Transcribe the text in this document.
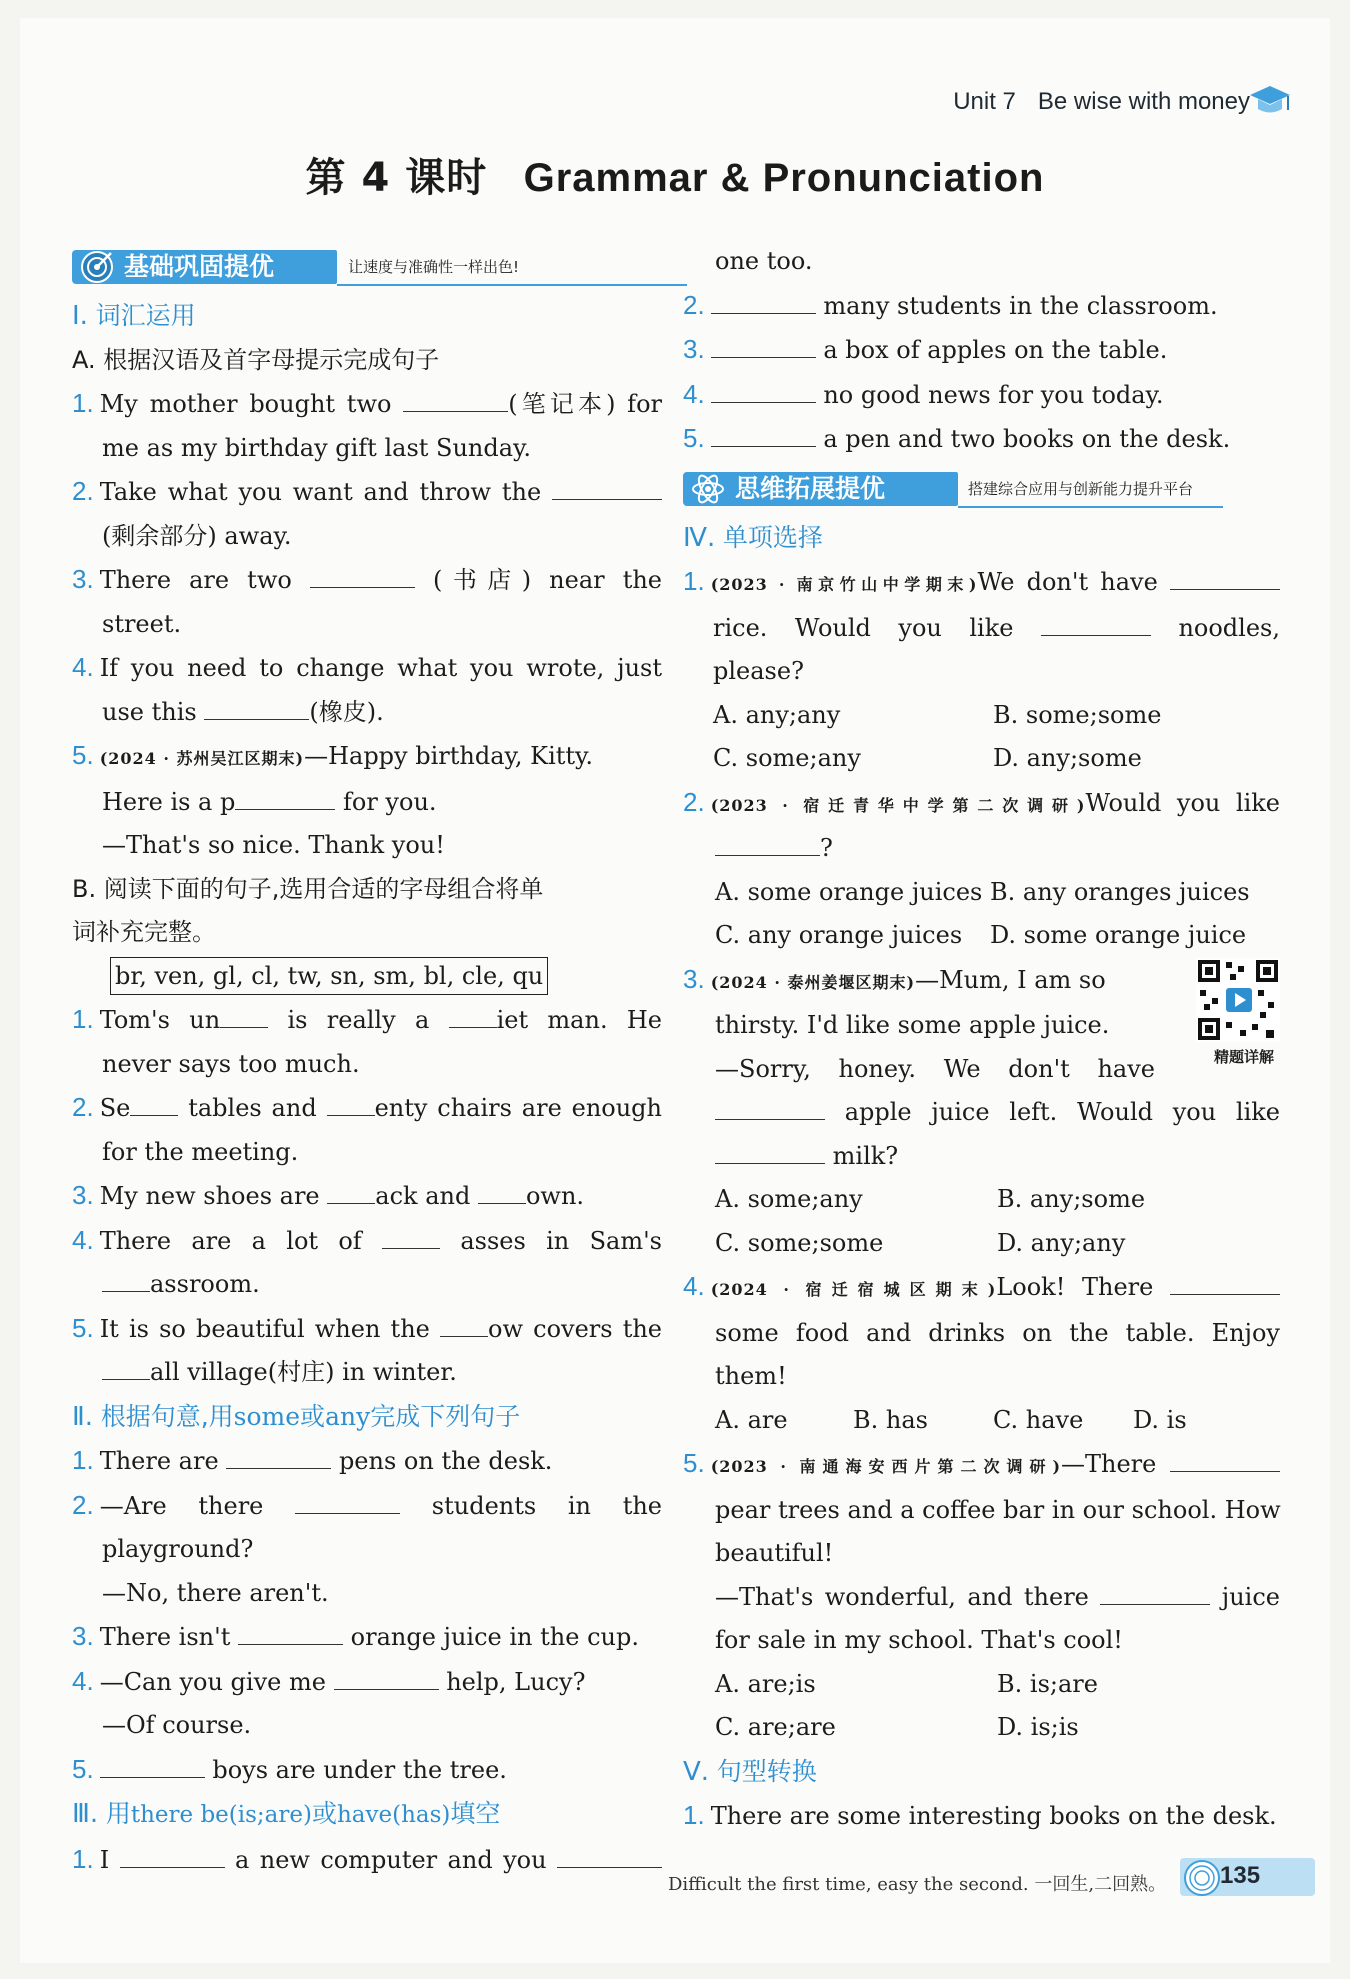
Unit 7 Be wise with money
第 4 课时 Grammar & Pronunciation
基础巩固提优	让速度与准确性一样出色!
Ⅰ. 词汇运用
A. 根据汉语及首字母提示完成句子
1. My mother bought two	(笔记本) for
me as my birthday gift last Sunday.
2. Take what you want and throw the
(剩余部分) away.
3. There are two	(书店) near the
street.
4. If you need to change what you wrote, just
use this	(橡皮).
5. (2024 · 苏州吴江区期末)—Happy birthday, Kitty.
Here is a p	for you.
—That's so nice. Thank you!
B. 阅读下面的句子,选用合适的字母组合将单
词补充完整。
br, ven, gl, cl, tw, sn, sm, bl, cle, qu
1. Tom's un	is really a	iet man. He
never says too much.
2. Se tables and enty chairs are enough
for the meeting.
3. My new shoes are ack and own.
4. There are a lot of	asses in Sam's
assroom.
5. It is so beautiful when the ow covers the
all village(村庄) in winter.
Ⅱ. 根据句意,用some或any完成下列句子
1. There are	pens on the desk.
2. —Are there	students in the
playground?
—No, there aren't.
3. There isn't	orange juice in the cup.
4. —Can you give me	help, Lucy?
—Of course.
5.	boys are under the tree.
Ⅲ. 用there be(is;are)或have(has)填空
1. I	a new computer and you
one too.
2.	many students in the classroom.
3.	a box of apples on the table.
4.	no good news for you today.
5.	a pen and two books on the desk.
思维拓展提优	搭建综合应用与创新能力提升平台
Ⅳ. 单项选择
1. (2023 · 南京竹山中学期末)We don't have
rice. Would you like	noodles,
please?
A. any;any	B. some;some
C. some;any	D. any;some
2. (2023 · 宿迁青华中学第二次调研)Would you like
?
A. some orange juices B. any oranges juices
C. any orange juices	D. some orange juice
精题详解
3. (2024 · 泰州姜堰区期末)—Mum, I am so
thirsty. I'd like some apple juice.
—Sorry, honey. We don't have
apple juice left. Would you like
milk?
A. some;any	B. any;some
C. some;some	D. any;any
4. (2024 · 宿迁宿城区期末)Look! There
some food and drinks on the table. Enjoy
them!
A. are	B. has	C. have	D. is
5. (2023 · 南通海安西片第二次调研)—There
pear trees and a coffee bar in our school. How
beautiful!
—That's wonderful, and there	juice
for sale in my school. That's cool!
A. are;is	B. is;are
C. are;are	D. is;is
Ⅴ. 句型转换
1. There are some interesting books on the desk.
Difficult the first time, easy the second. 一回生,二回熟。 135
